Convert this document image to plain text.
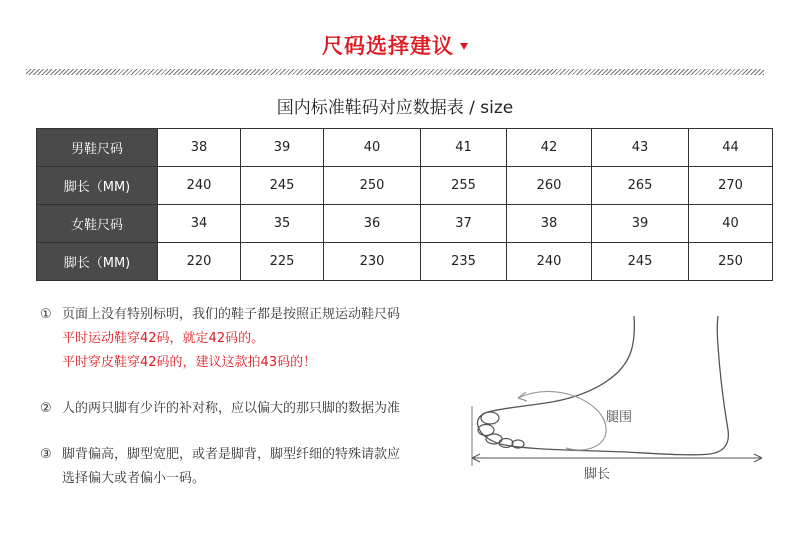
尺码选择建议
国内标准鞋码对应数据表 / size
男鞋尺码	38	39	40	41	42	43	44
脚长（MM)	240	245	250	255	260	265	270
女鞋尺码	34	35	36	37	38	39	40
脚长（MM)	220	225	230	235	240	245	250
① 页面上没有特别标明，我们的鞋子都是按照正规运动鞋尺码
平时运动鞋穿42码，就定42码的。
平时穿皮鞋穿42码的，建议这款拍43码的！
② 人的两只脚有少许的补对称，应以偏大的那只脚的数据为准
③ 脚背偏高，脚型宽肥，或者是脚背，脚型纤细的特殊请款应
选择偏大或者偏小一码。
腿围
脚长
